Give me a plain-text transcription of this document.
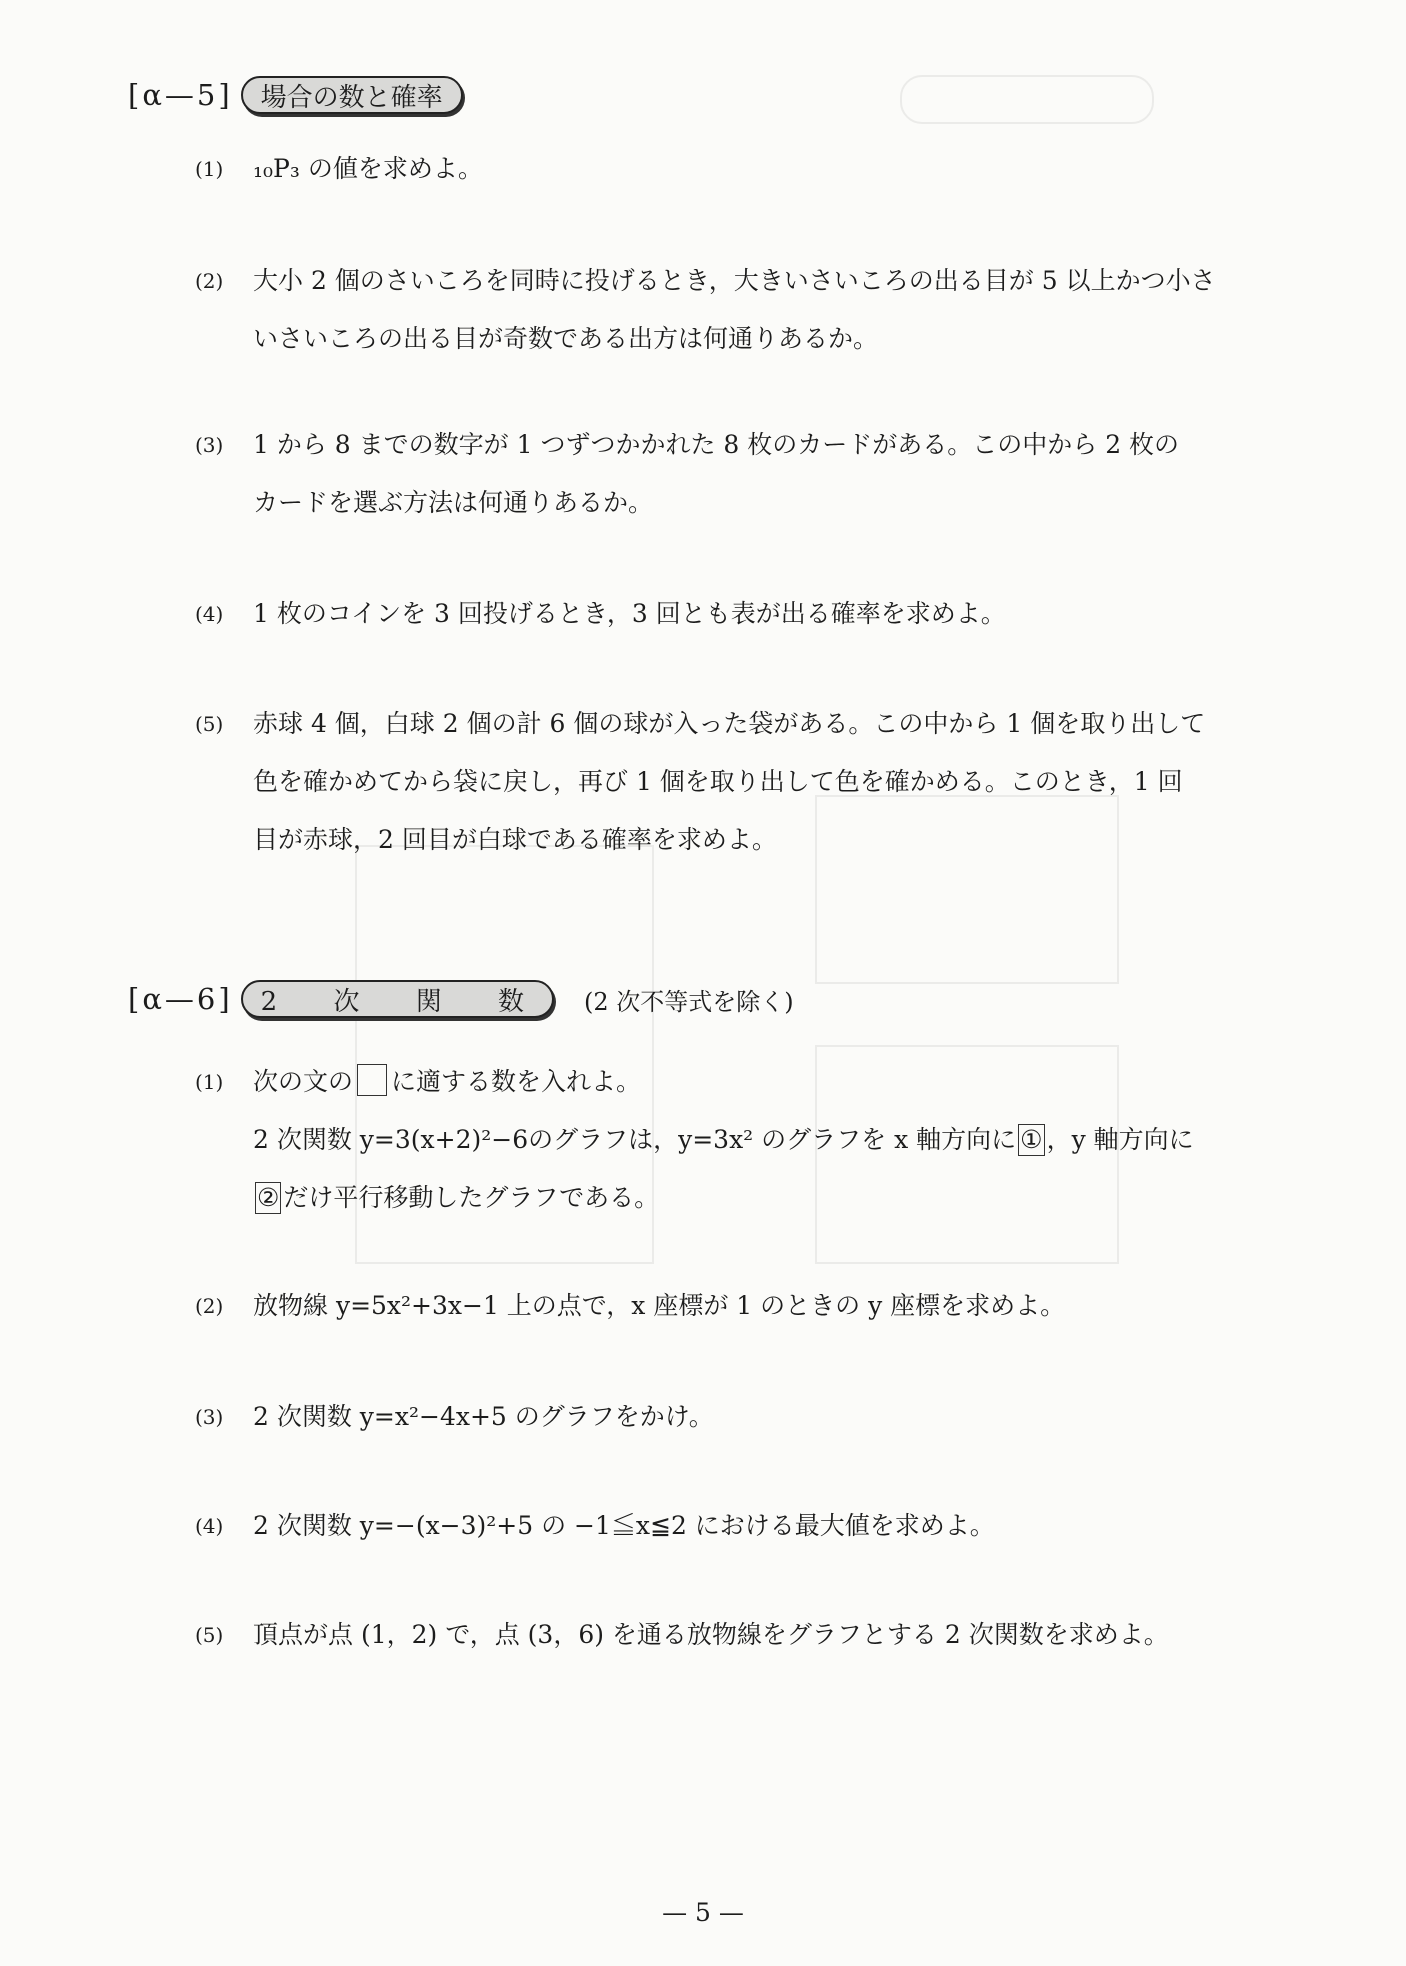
[α—5]	場合の数と確率
(1)	₁₀P₃ の値を求めよ。
(2)	大小 2 個のさいころを同時に投げるとき，大きいさいころの出る目が 5 以上かつ小さ
いさいころの出る目が奇数である出方は何通りあるか。
(3)	1 から 8 までの数字が 1 つずつかかれた 8 枚のカードがある。この中から 2 枚の
カードを選ぶ方法は何通りあるか。
(4)	1 枚のコインを 3 回投げるとき，3 回とも表が出る確率を求めよ。
(5)	赤球 4 個，白球 2 個の計 6 個の球が入った袋がある。この中から 1 個を取り出して
色を確かめてから袋に戻し，再び 1 個を取り出して色を確かめる。このとき，1 回
目が赤球，2 回目が白球である確率を求めよ。
[α—6]	2 次 関 数 (2 次不等式を除く)
(1)	次の文の に適する数を入れよ。
2 次関数 y=3(x+2)²−6のグラフは，y=3x² のグラフを x 軸方向に ① ，y 軸方向に
② だけ平行移動したグラフである。
(2)	放物線 y=5x²+3x−1 上の点で，x 座標が 1 のときの y 座標を求めよ。
(3)	2 次関数 y=x²−4x+5 のグラフをかけ。
(4)	2 次関数 y=−(x−3)²+5 の −1≦x≦2 における最大値を求めよ。
(5)	頂点が点 (1，2) で，点 (3，6) を通る放物線をグラフとする 2 次関数を求めよ。
— 5 —
